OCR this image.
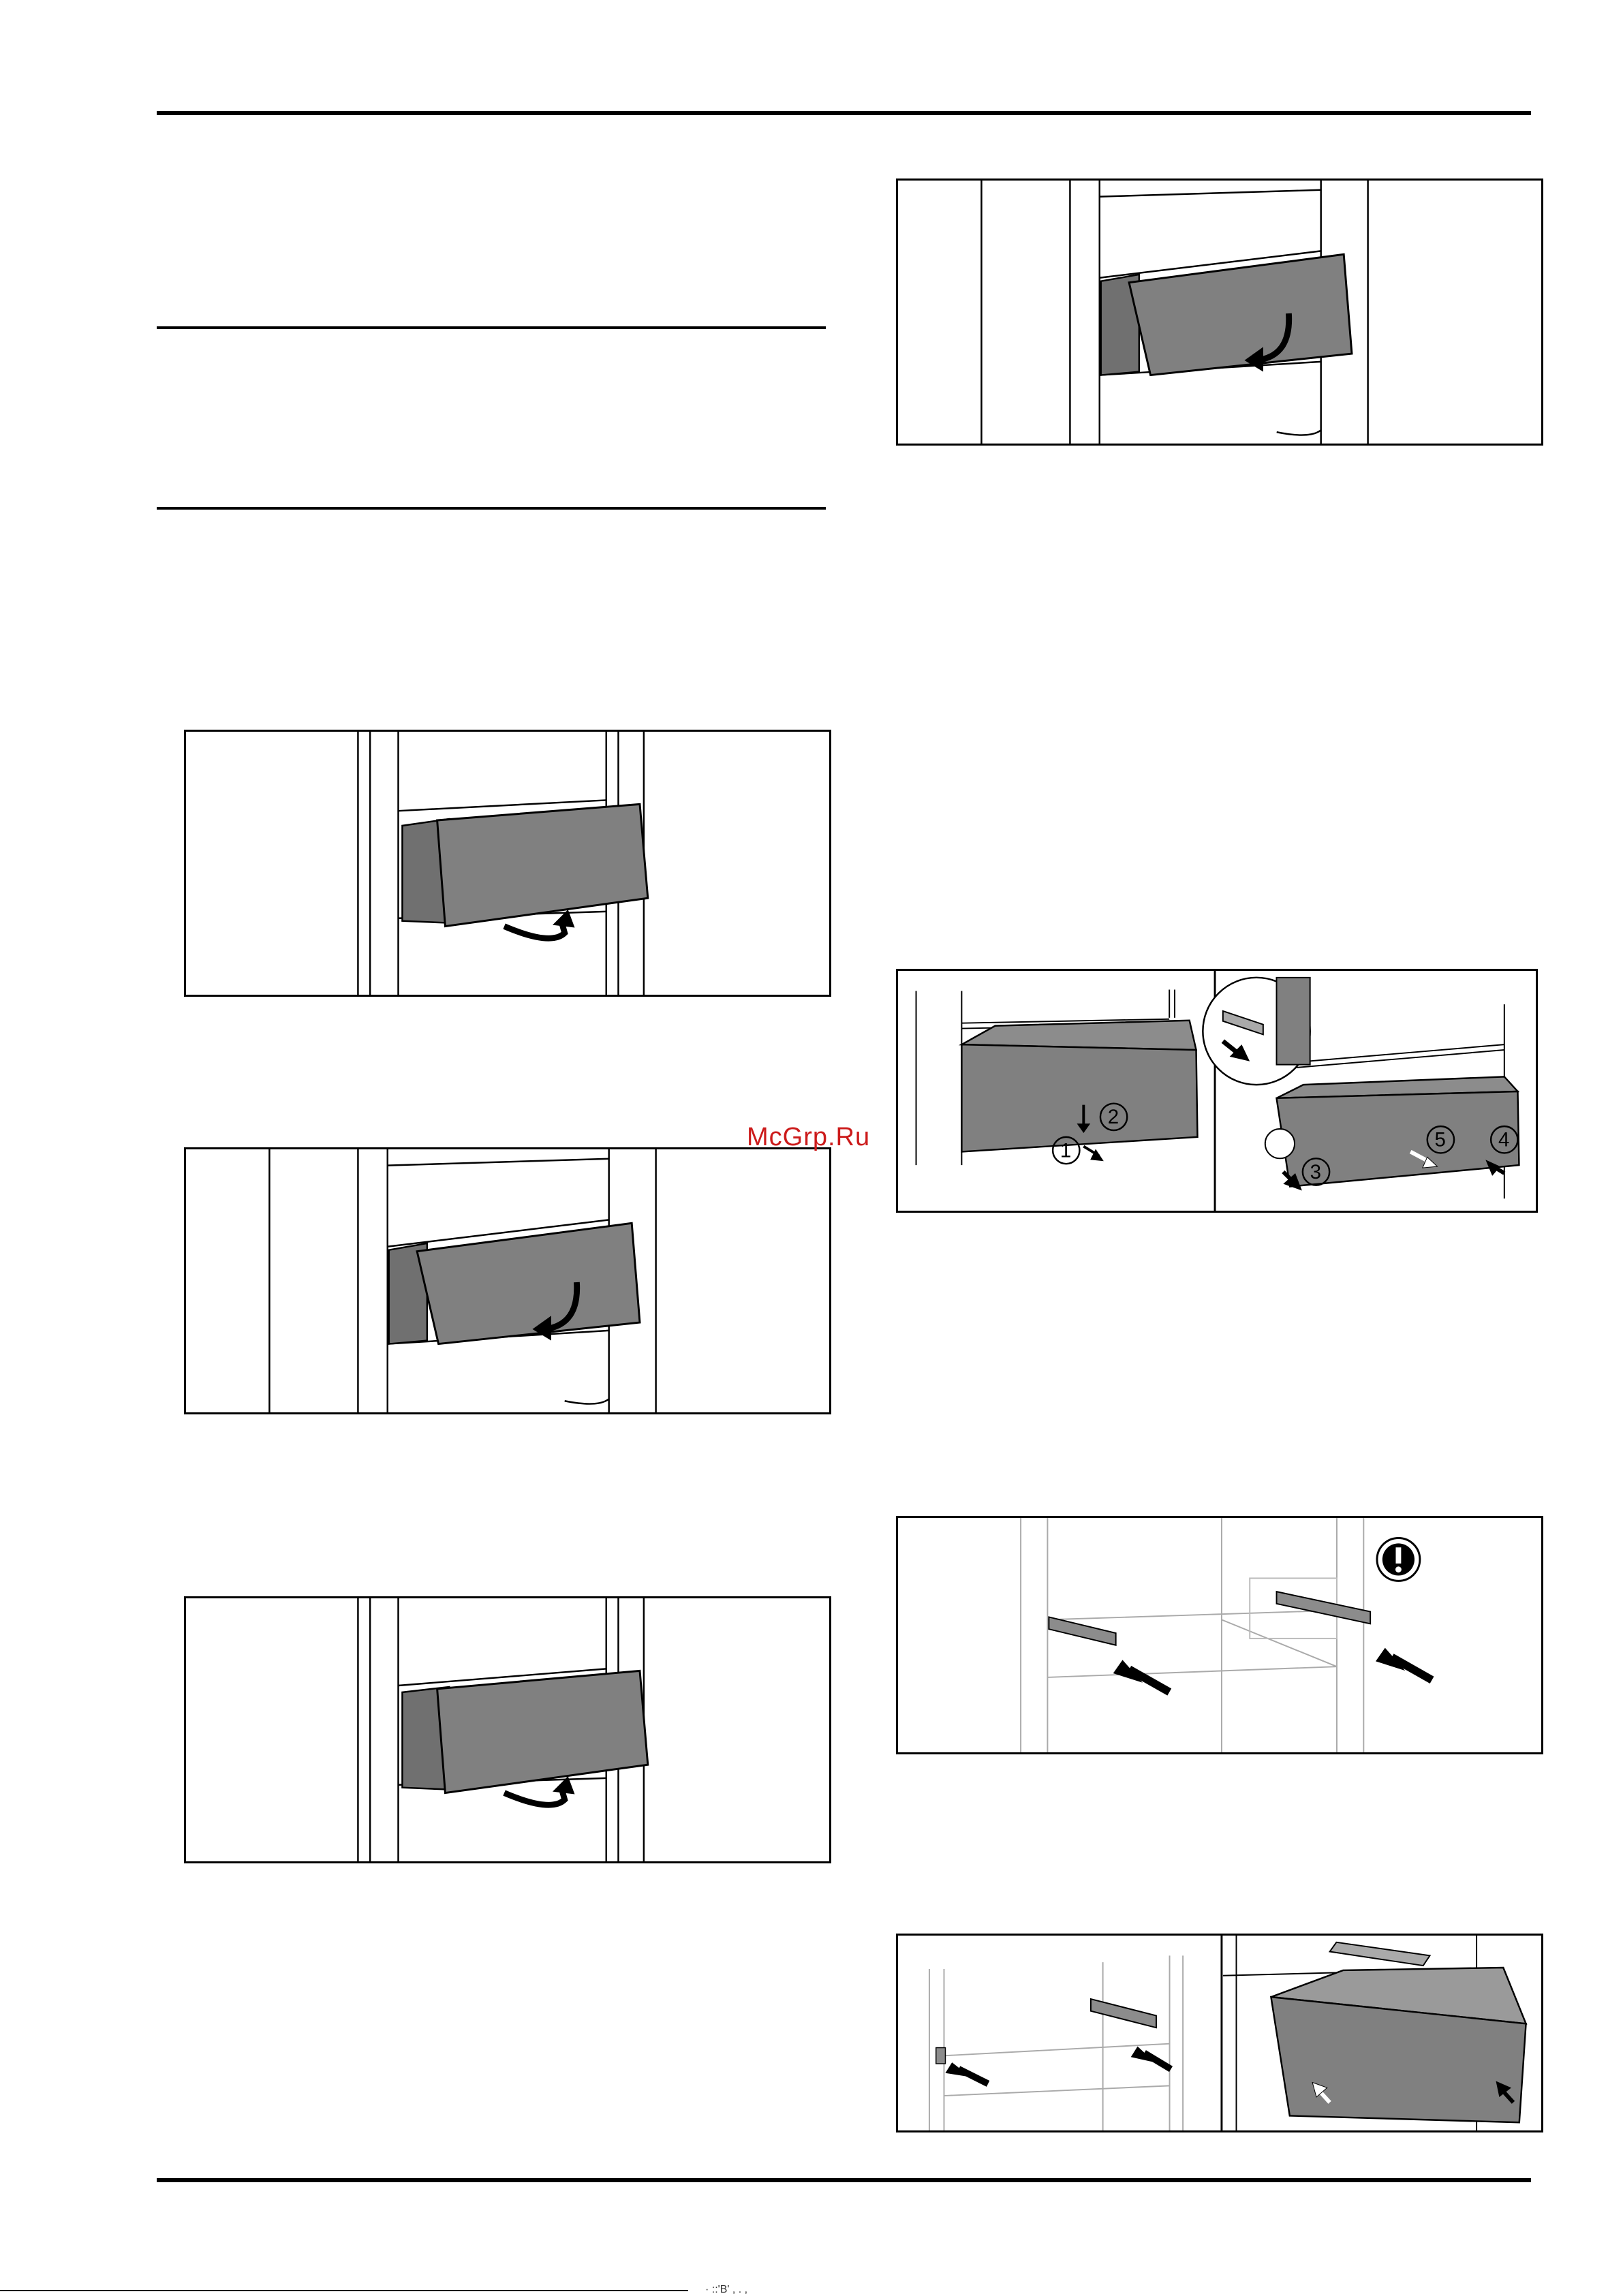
1
2
3
4
5
McGrp.Ru
· ::'B' , . ,
